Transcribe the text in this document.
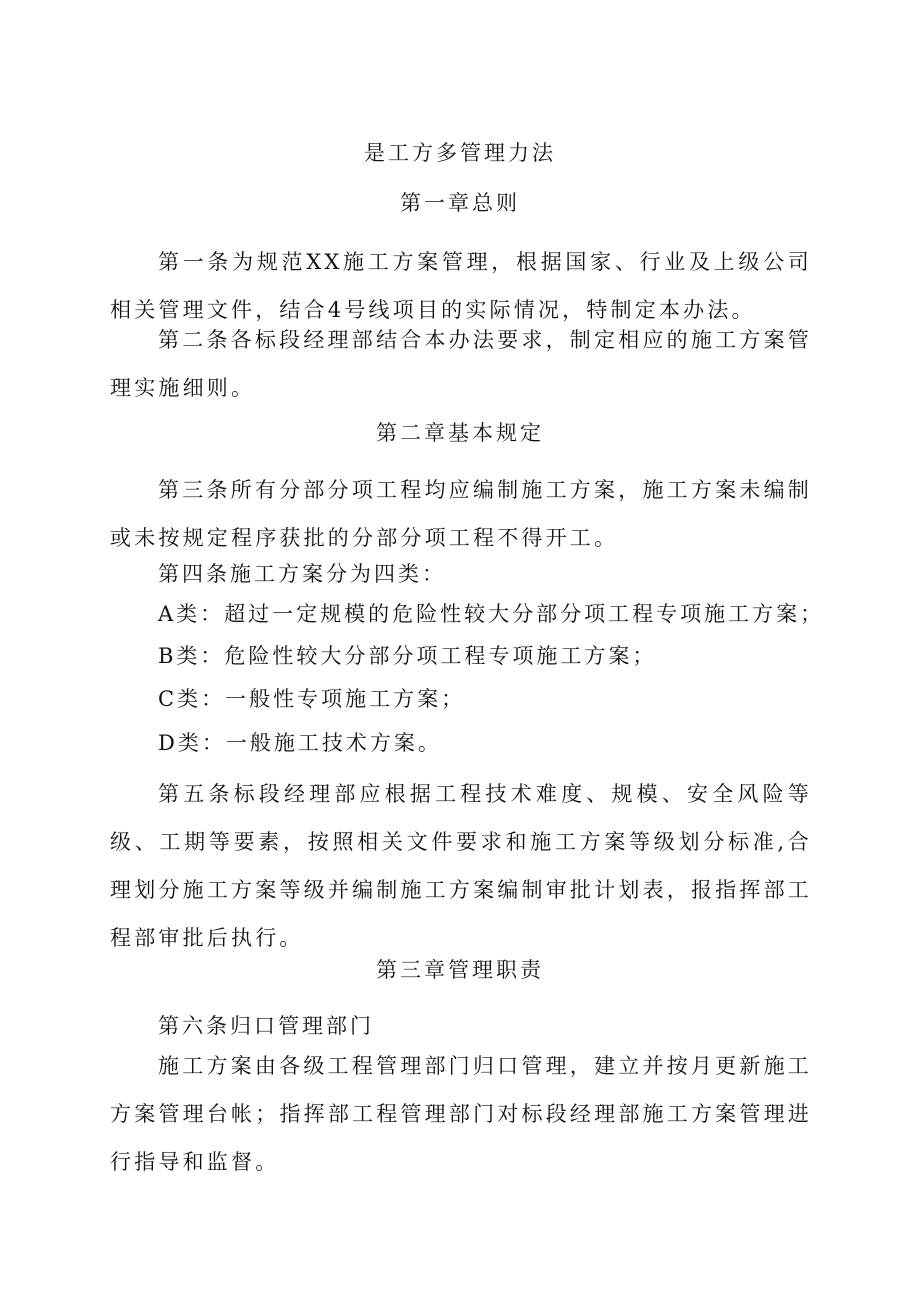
是工方多管理力法
第一章总则
第一条为规范XX施工方案管理，根据国家、行业及上级公司相关管理文件，结合4号线项目的实际情况，特制定本办法。
第二条各标段经理部结合本办法要求，制定相应的施工方案管理实施细则。
第二章基本规定
第三条所有分部分项工程均应编制施工方案，施工方案未编制或未按规定程序获批的分部分项工程不得开工。
第四条施工方案分为四类：
A类：超过一定规模的危险性较大分部分项工程专项施工方案；
B类：危险性较大分部分项工程专项施工方案；
C类：一般性专项施工方案；
D类：一般施工技术方案。
第五条标段经理部应根据工程技术难度、规模、安全风险等级、工期等要素，按照相关文件要求和施工方案等级划分标准,合理划分施工方案等级并编制施工方案编制审批计划表，报指挥部工程部审批后执行。
第三章管理职责
第六条归口管理部门
施工方案由各级工程管理部门归口管理，建立并按月更新施工方案管理台帐；指挥部工程管理部门对标段经理部施工方案管理进行指导和监督。
